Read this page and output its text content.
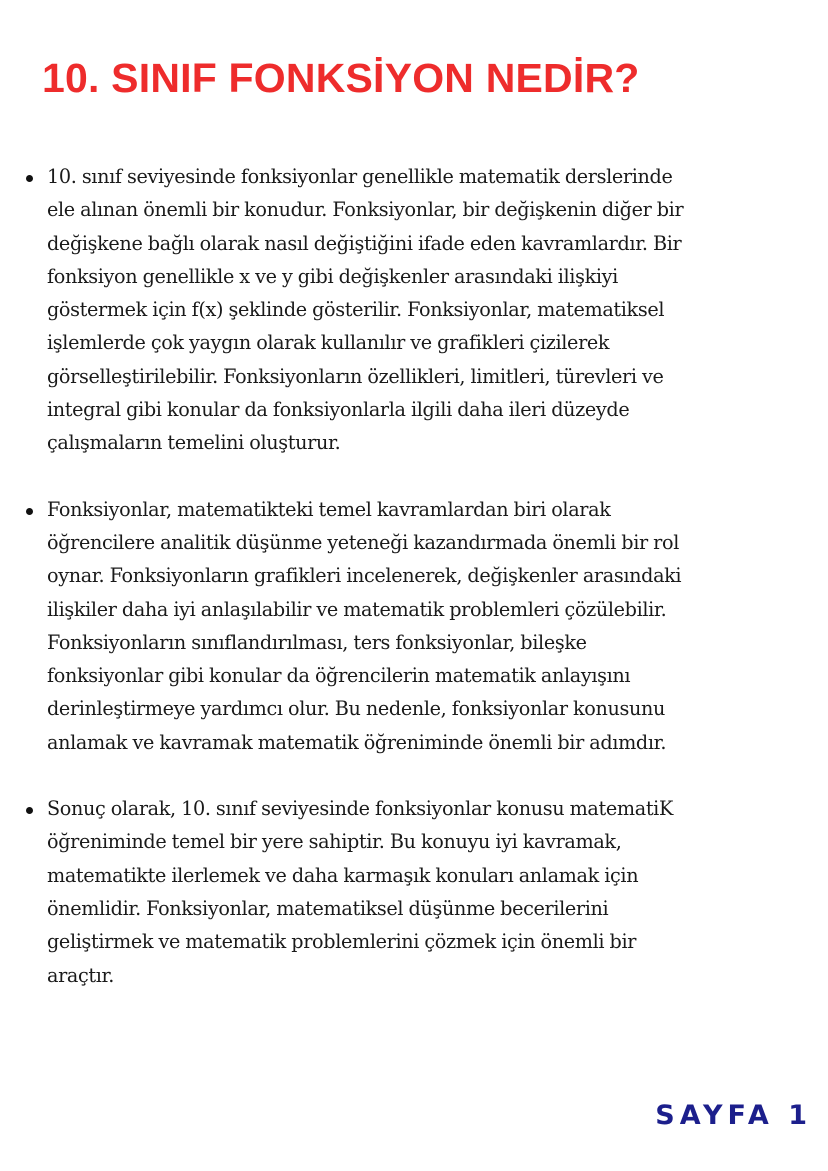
10. SINIF FONKSİYON NEDİR?

10. sınıf seviyesinde fonksiyonlar genellikle matematik derslerinde
ele alınan önemli bir konudur. Fonksiyonlar, bir değişkenin diğer bir
değişkene bağlı olarak nasıl değiştiğini ifade eden kavramlardır. Bir
fonksiyon genellikle x ve y gibi değişkenler arasındaki ilişkiyi
göstermek için f(x) şeklinde gösterilir. Fonksiyonlar, matematiksel
işlemlerde çok yaygın olarak kullanılır ve grafikleri çizilerek
görselleştirilebilir. Fonksiyonların özellikleri, limitleri, türevleri ve
integral gibi konular da fonksiyonlarla ilgili daha ileri düzeyde
çalışmaların temelini oluşturur.

Fonksiyonlar, matematikteki temel kavramlardan biri olarak
öğrencilere analitik düşünme yeteneği kazandırmada önemli bir rol
oynar. Fonksiyonların grafikleri incelenerek, değişkenler arasındaki
ilişkiler daha iyi anlaşılabilir ve matematik problemleri çözülebilir.
Fonksiyonların sınıflandırılması, ters fonksiyonlar, bileşke
fonksiyonlar gibi konular da öğrencilerin matematik anlayışını
derinleştirmeye yardımcı olur. Bu nedenle, fonksiyonlar konusunu
anlamak ve kavramak matematik öğreniminde önemli bir adımdır.

Sonuç olarak, 10. sınıf seviyesinde fonksiyonlar konusu matematiK
öğreniminde temel bir yere sahiptir. Bu konuyu iyi kavramak,
matematikte ilerlemek ve daha karmaşık konuları anlamak için
önemlidir. Fonksiyonlar, matematiksel düşünme becerilerini
geliştirmek ve matematik problemlerini çözmek için önemli bir
araçtır.

SAYFA 1
